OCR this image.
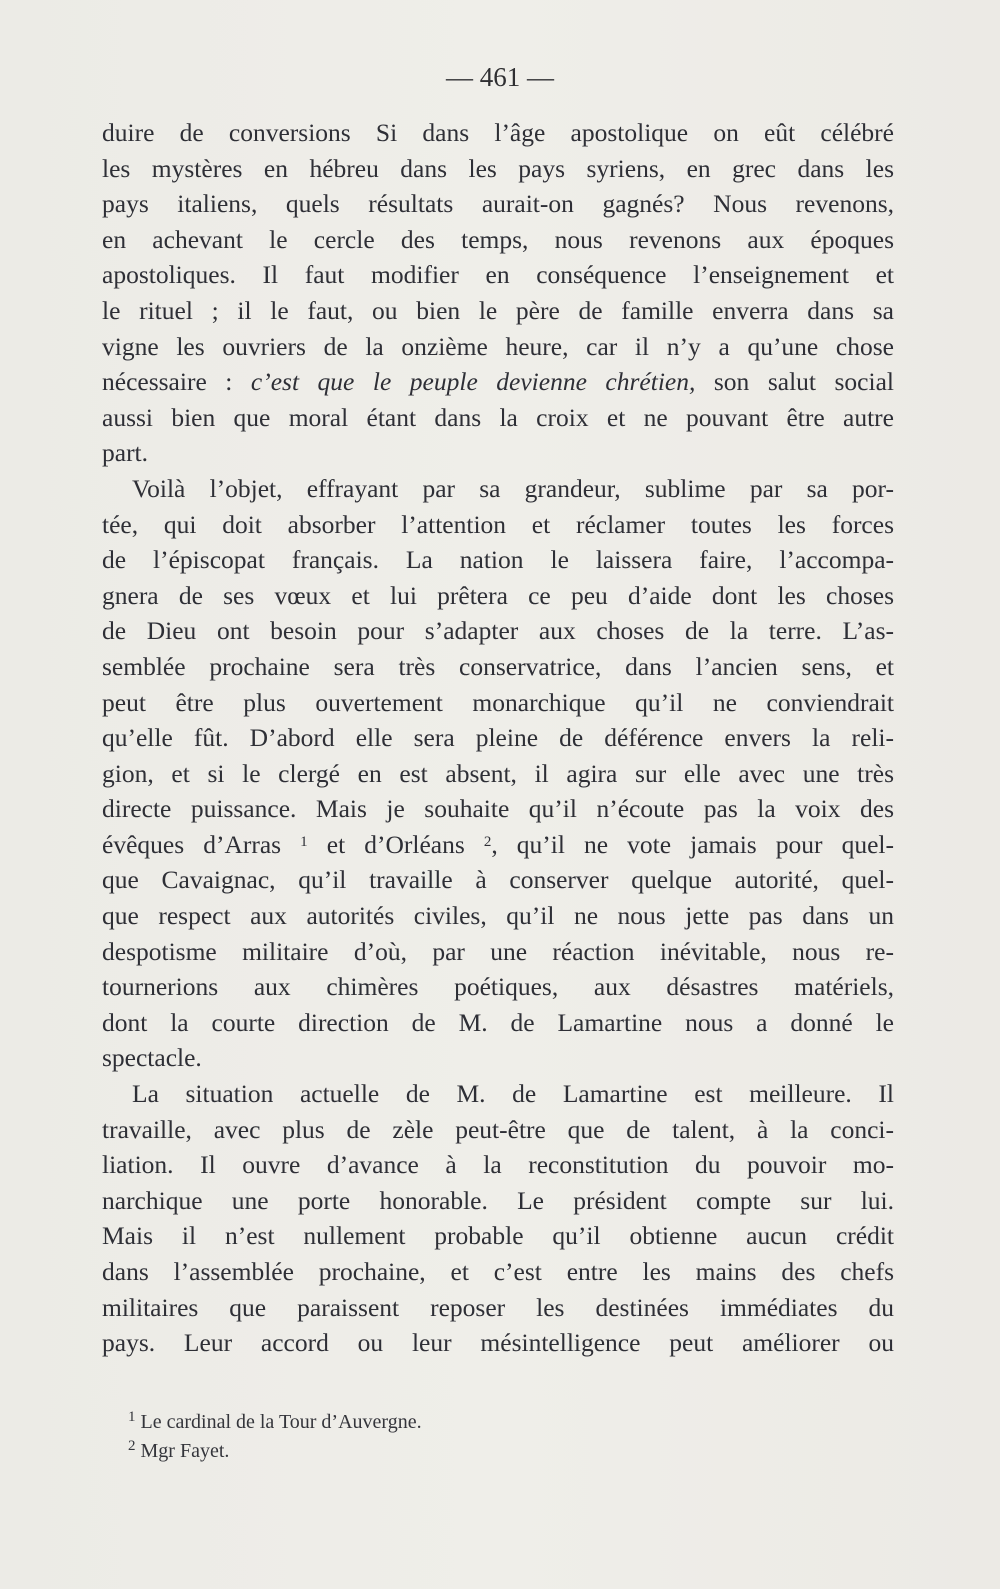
— 461 —
duire de conversions Si dans l’âge apostolique on eût célébré
les mystères en hébreu dans les pays syriens, en grec dans les
pays italiens, quels résultats aurait-on gagnés? Nous revenons,
en achevant le cercle des temps, nous revenons aux époques
apostoliques. Il faut modifier en conséquence l’enseignement et
le rituel ; il le faut, ou bien le père de famille enverra dans sa
vigne les ouvriers de la onzième heure, car il n’y a qu’une chose
nécessaire : c’est que le peuple devienne chrétien, son salut social
aussi bien que moral étant dans la croix et ne pouvant être autre
part.
Voilà l’objet, effrayant par sa grandeur, sublime par sa por-
tée, qui doit absorber l’attention et réclamer toutes les forces
de l’épiscopat français. La nation le laissera faire, l’accompa-
gnera de ses vœux et lui prêtera ce peu d’aide dont les choses
de Dieu ont besoin pour s’adapter aux choses de la terre. L’as-
semblée prochaine sera très conservatrice, dans l’ancien sens, et
peut être plus ouvertement monarchique qu’il ne conviendrait
qu’elle fût. D’abord elle sera pleine de déférence envers la reli-
gion, et si le clergé en est absent, il agira sur elle avec une très
directe puissance. Mais je souhaite qu’il n’écoute pas la voix des
évêques d’Arras $^1$ et d’Orléans $^2$, qu’il ne vote jamais pour quel-
que Cavaignac, qu’il travaille à conserver quelque autorité, quel-
que respect aux autorités civiles, qu’il ne nous jette pas dans un
despotisme militaire d’où, par une réaction inévitable, nous re-
tournerions aux chimères poétiques, aux désastres matériels,
dont la courte direction de M. de Lamartine nous a donné le
spectacle.
La situation actuelle de M. de Lamartine est meilleure. Il
travaille, avec plus de zèle peut-être que de talent, à la conci-
liation. Il ouvre d’avance à la reconstitution du pouvoir mo-
narchique une porte honorable. Le président compte sur lui.
Mais il n’est nullement probable qu’il obtienne aucun crédit
dans l’assemblée prochaine, et c’est entre les mains des chefs
militaires que paraissent reposer les destinées immédiates du
pays. Leur accord ou leur mésintelligence peut améliorer ou
$^1$ Le cardinal de la Tour d’Auvergne.
$^2$ Mgr Fayet.
